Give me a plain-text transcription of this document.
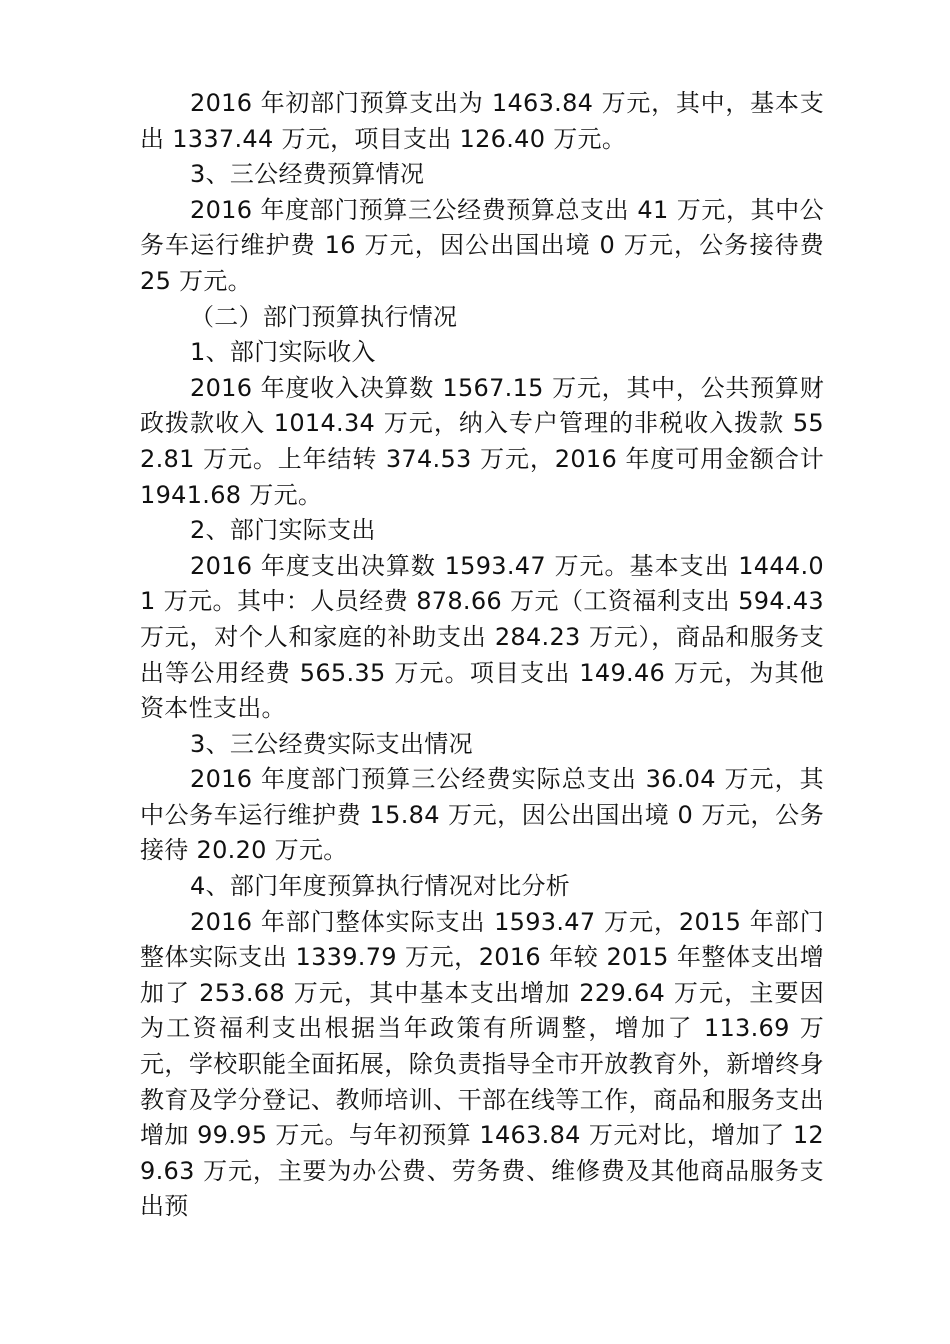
2016 年初部门预算支出为 1463.84 万元，其中，基本支出 1337.44 万元，项目支出 126.40 万元。

3、三公经费预算情况

2016 年度部门预算三公经费预算总支出 41 万元，其中公务车运行维护费 16 万元，因公出国出境 0 万元，公务接待费 25 万元。

（二）部门预算执行情况

1、部门实际收入

2016 年度收入决算数 1567.15 万元，其中，公共预算财政拨款收入 1014.34 万元，纳入专户管理的非税收入拨款 552.81 万元。上年结转 374.53 万元，2016 年度可用金额合计 1941.68 万元。

2、部门实际支出

2016 年度支出决算数 1593.47 万元。基本支出 1444.01 万元。其中：人员经费 878.66 万元（工资福利支出 594.43 万元，对个人和家庭的补助支出 284.23 万元），商品和服务支出等公用经费 565.35 万元。项目支出 149.46 万元，为其他资本性支出。

3、三公经费实际支出情况

2016 年度部门预算三公经费实际总支出 36.04 万元，其中公务车运行维护费 15.84 万元，因公出国出境 0 万元，公务接待 20.20 万元。

4、部门年度预算执行情况对比分析

2016 年部门整体实际支出 1593.47 万元，2015 年部门整体实际支出 1339.79 万元，2016 年较 2015 年整体支出增加了 253.68 万元，其中基本支出增加 229.64 万元，主要因为工资福利支出根据当年政策有所调整，增加了 113.69 万元，学校职能全面拓展，除负责指导全市开放教育外，新增终身教育及学分登记、教师培训、干部在线等工作，商品和服务支出增加 99.95 万元。与年初预算 1463.84 万元对比，增加了 129.63 万元，主要为办公费、劳务费、维修费及其他商品服务支出预
